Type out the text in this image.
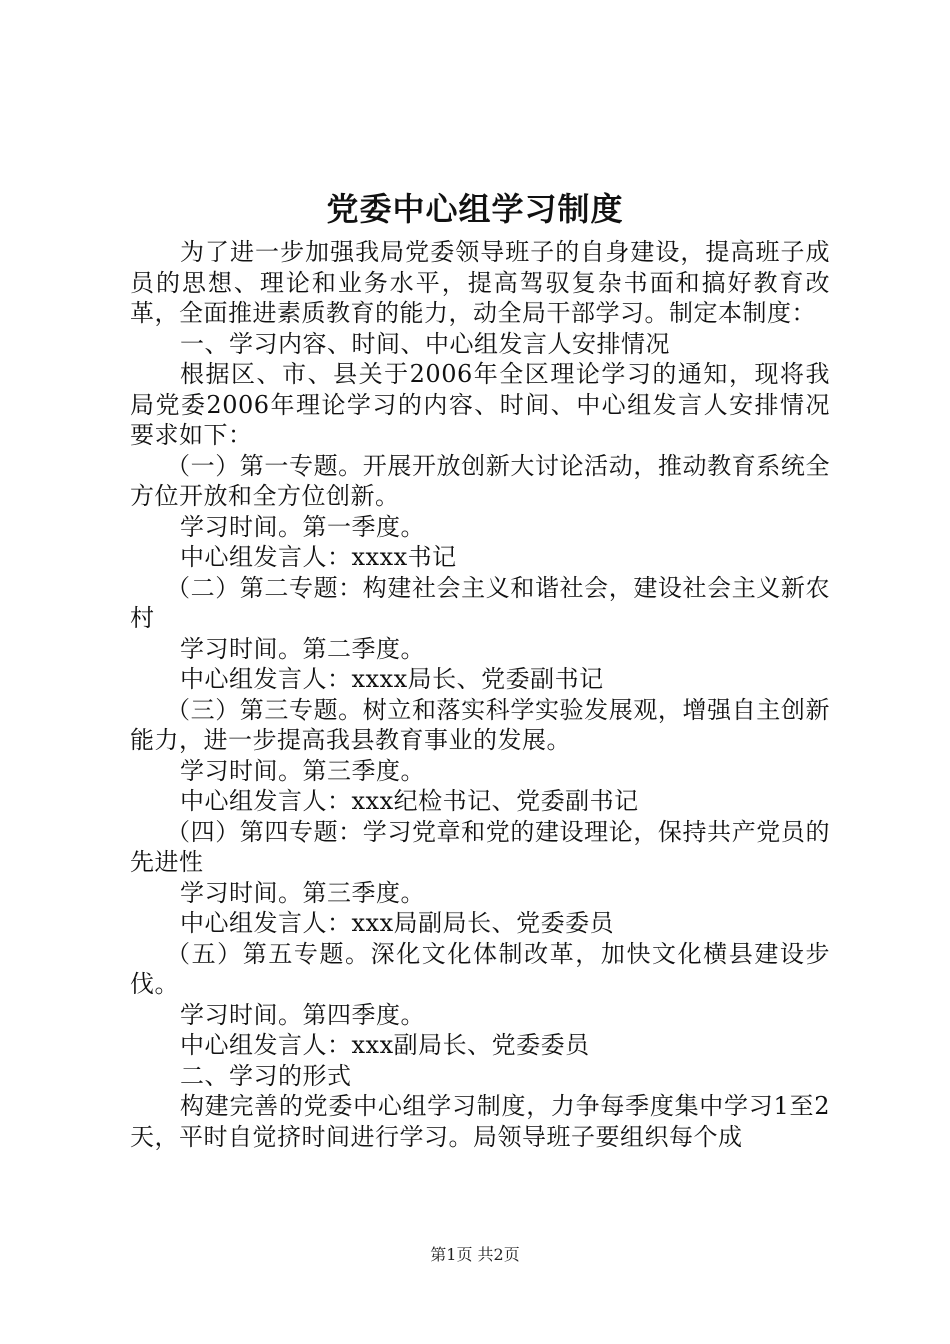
党委中心组学习制度

为了进一步加强我局党委领导班子的自身建设，提高班子成员的思想、理论和业务水平，提高驾驭复杂书面和搞好教育改革，全面推进素质教育的能力，动全局干部学习。制定本制度：

一、学习内容、时间、中心组发言人安排情况

根据区、市、县关于2006年全区理论学习的通知，现将我局党委2006年理论学习的内容、时间、中心组发言人安排情况要求如下：

（一）第一专题。开展开放创新大讨论活动，推动教育系统全方位开放和全方位创新。

学习时间。第一季度。

中心组发言人：xxxx书记

（二）第二专题：构建社会主义和谐社会，建设社会主义新农村

学习时间。第二季度。

中心组发言人：xxxx局长、党委副书记

（三）第三专题。树立和落实科学实验发展观，增强自主创新能力，进一步提高我县教育事业的发展。

学习时间。第三季度。

中心组发言人：xxx纪检书记、党委副书记

（四）第四专题：学习党章和党的建设理论，保持共产党员的先进性

学习时间。第三季度。

中心组发言人：xxx局副局长、党委委员

（五）第五专题。深化文化体制改革，加快文化横县建设步伐。

学习时间。第四季度。

中心组发言人：xxx副局长、党委委员

二、学习的形式

构建完善的党委中心组学习制度，力争每季度集中学习1至2天，平时自觉挤时间进行学习。局领导班子要组织每个成

第1页 共2页
